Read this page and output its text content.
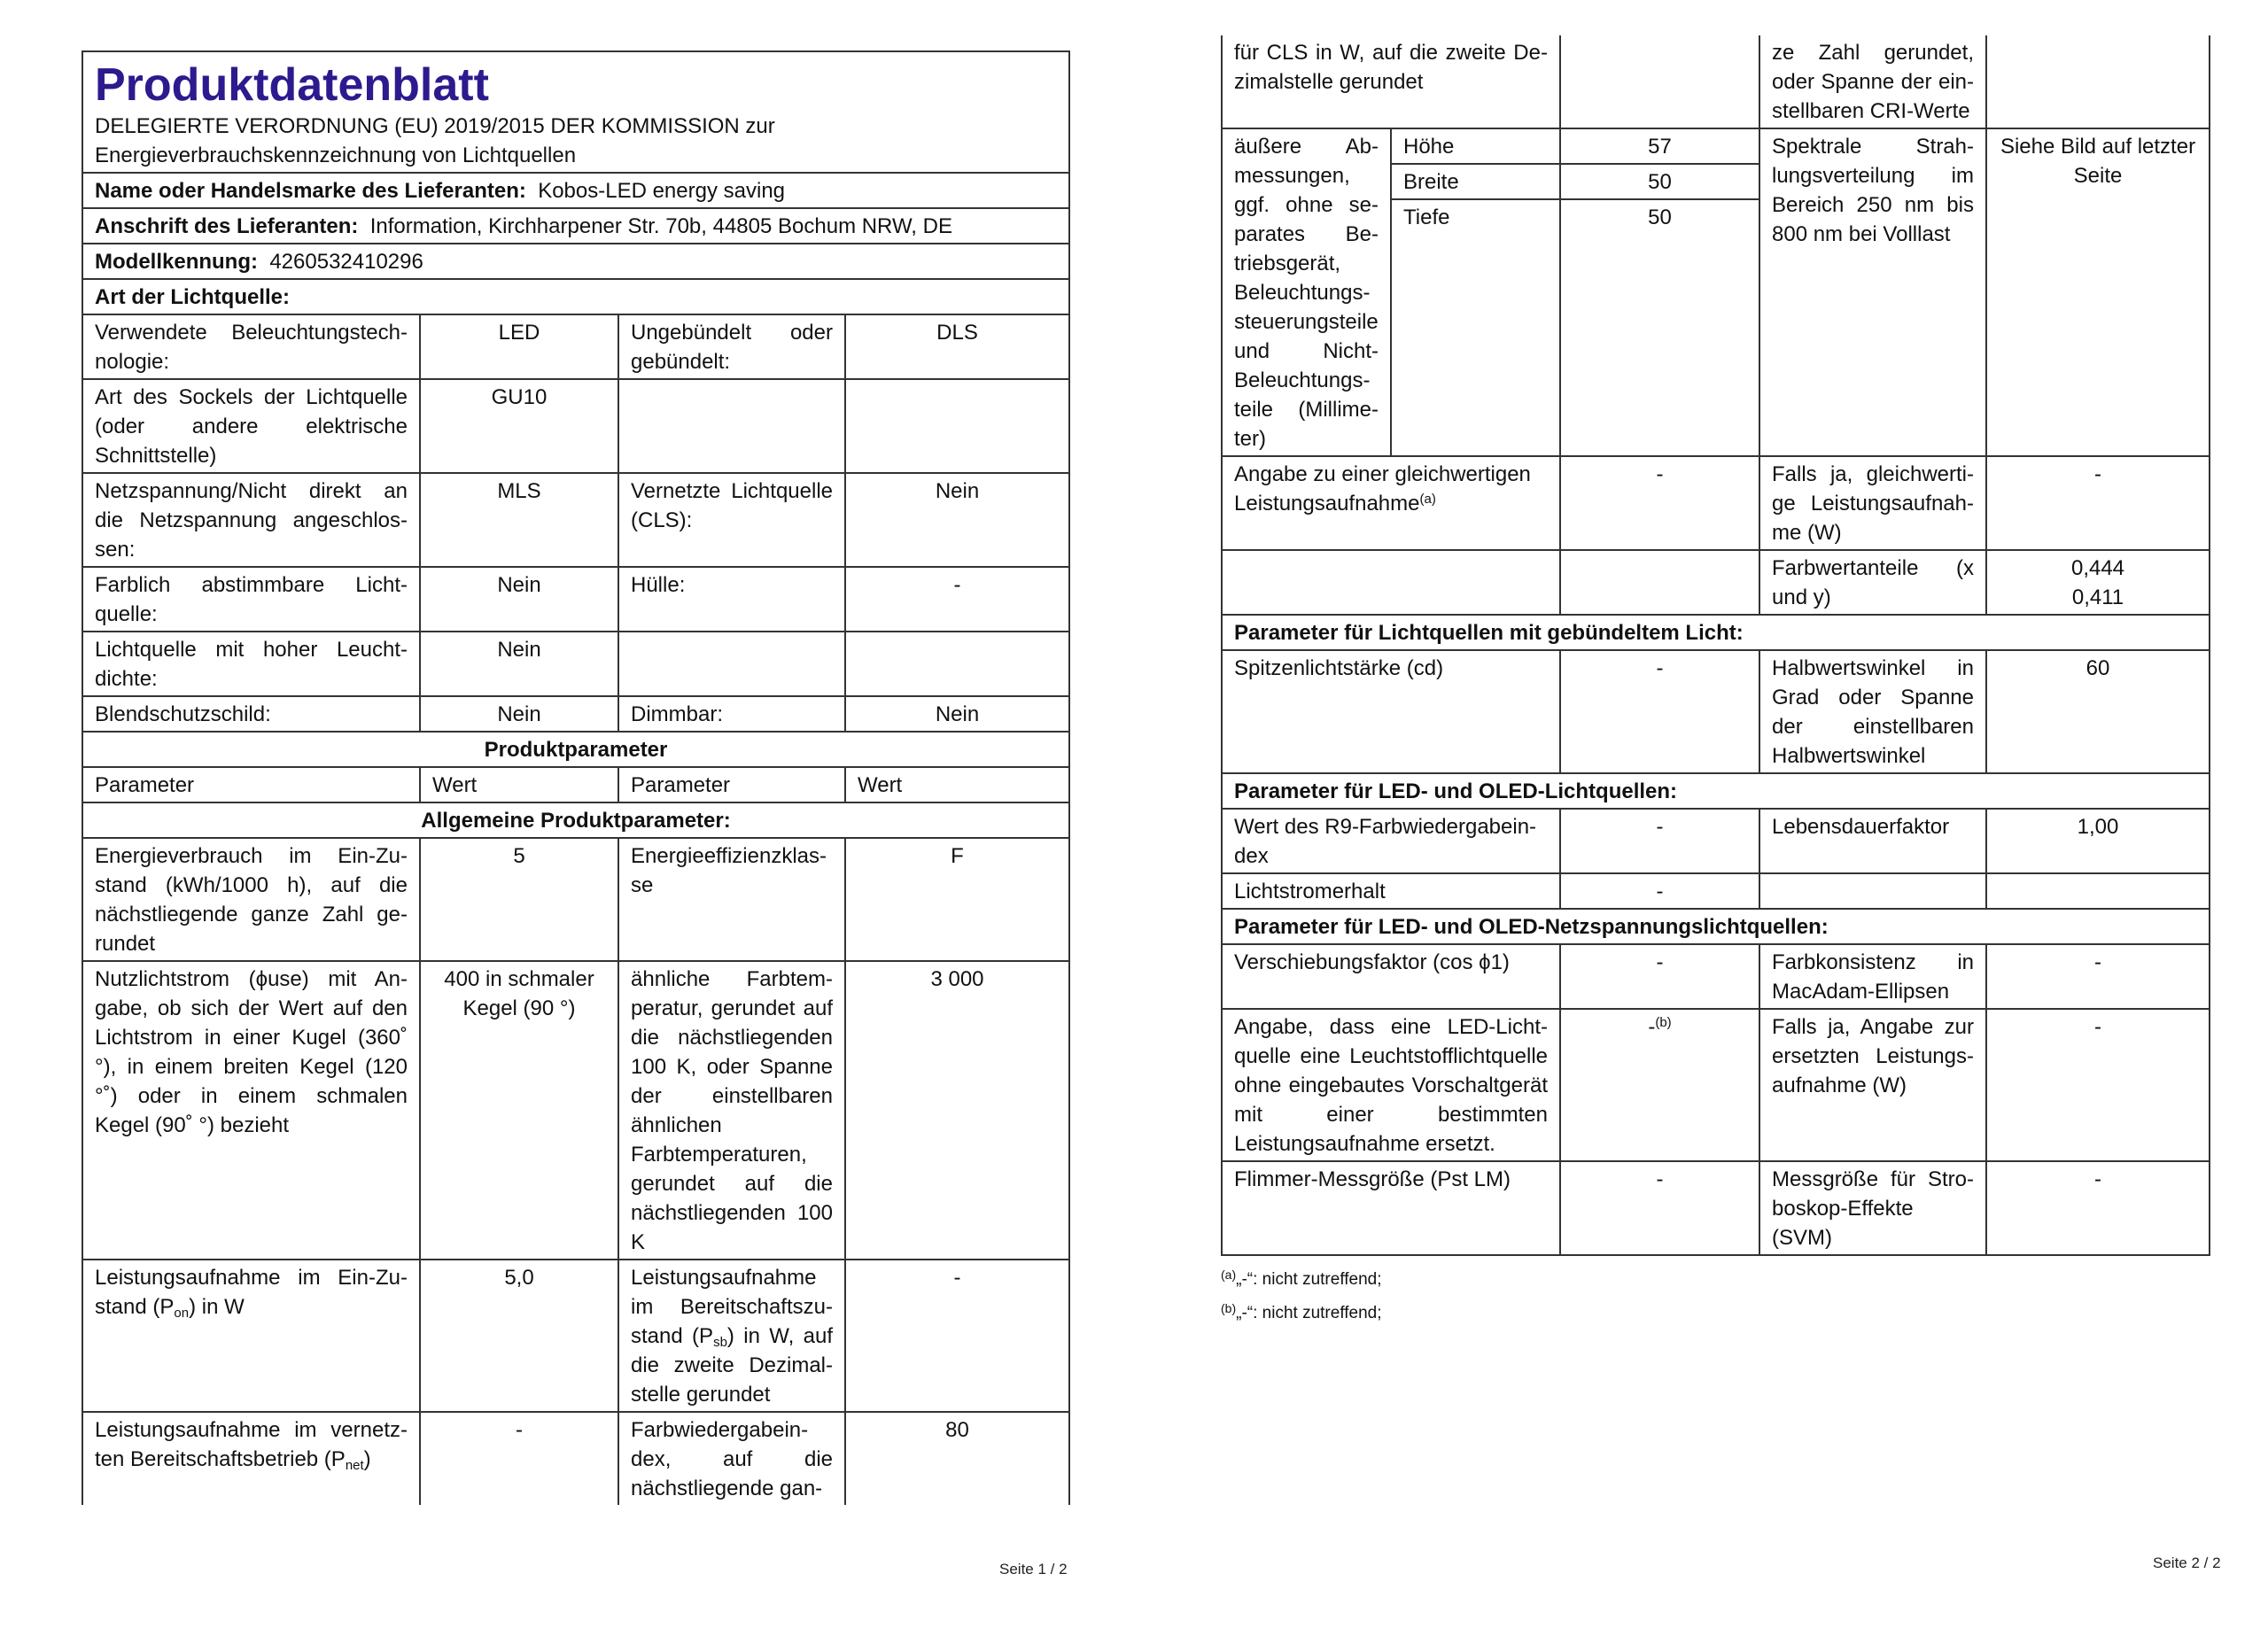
Produktdatenblatt
DELEGIERTE VERORDNUNG (EU) 2019/2015 DER KOMMISSION zur
Energieverbrauchskennzeichnung von Lichtquellen			

Name oder Handelsmarke des Lieferanten: Kobos-LED energy saving			
Anschrift des Lieferanten: Information, Kirchharpener Str. 70b, 44805 Bochum NRW, DE			
Modellkennung: 4260532410296			
Art der Lichtquelle:			
Verwendete Beleuchtungstechnologie:	LED	Ungebündelt oder gebündelt:	DLS
Art des Sockels der Lichtquelle (oder andere elektrische Schnittstelle)	GU10		
Netzspannung/Nicht direkt an die Netzspannung angeschlossen:	MLS	Vernetzte Lichtquelle (CLS):	Nein
Farblich abstimmbare Lichtquelle:	Nein	Hülle:	-
Lichtquelle mit hoher Leuchtdichte:	Nein		
Blendschutzschild:	Nein	Dimmbar:	Nein
Produktparameter			
Parameter	Wert	Parameter	Wert
Allgemeine Produktparameter:			
Energieverbrauch im Ein-Zustand (kWh/1000 h), auf die nächstliegende ganze Zahl gerundet	5	Energieeffizienzklasse	F
Nutzlichtstrom (ϕuse) mit Angabe, ob sich der Wert auf den Lichtstrom in einer Kugel (360˚ °), in einem breiten Kegel (120 °˚) oder in einem schmalen Kegel (90˚ °) bezieht	400 in schmaler Kegel (90 °)	ähnliche Farbtemperatur, gerundet auf die nächstliegenden 100 K, oder Spanne der einstellbaren ähnlichen Farbtemperaturen, gerundet auf die nächstliegenden 100 K	3 000
Leistungsaufnahme im Ein-Zustand $(P_{on})$ in W	5,0	Leistungsaufnahme im Bereitschaftszustand $(P_{sb})$ in W, auf die zweite Dezimalstelle gerundet	-
Leistungsaufnahme im vernetzten Bereitschaftsbetrieb $(P_{net})$	-	Farbwiedergabeindex, auf die nächstliegende gan-	80
Seite 1 / 2
für CLS in W, auf die zweite Dezimalstelle gerundet			ze Zahl gerundet, oder Spanne der einstellbaren CRI-Werte	
äußere Abmessungen, ggf. ohne separates Betriebsgerät, Beleuchtungssteuerungsteile und Nicht-Beleuchtungsteile (Millimeter)	Höhe	57	Spektrale Strahlungsverteilung im Bereich 250 nm bis 800 nm bei Volllast	Siehe Bild auf letzter Seite
	Breite	50		
	Tiefe	50		
Angabe zu einer gleichwertigen Leistungsaufnahme$^{(a)}$		-	Falls ja, gleichwertige Leistungsaufnahme (W)	-
			Farbwertanteile (x und y)	0,444
0,411

Parameter für Lichtquellen mit gebündeltem Licht:				
Spitzenlichtstärke (cd)		-	Halbwertswinkel in Grad oder Spanne der einstellbaren Halbwertswinkel	60
Parameter für LED- und OLED-Lichtquellen:				
Wert des R9-Farbwiedergabeindex		-	Lebensdauerfaktor	1,00
Lichtstromerhalt		-		
Parameter für LED- und OLED-Netzspannungslichtquellen:				
Verschiebungsfaktor (cos ϕ1)		-	Farbkonsistenz in MacAdam-Ellipsen	-
Angabe, dass eine LED-Lichtquelle eine Leuchtstofflichtquelle ohne eingebautes Vorschaltgerät mit einer bestimmten Leistungsaufnahme ersetzt.		-$^{(b)}$	Falls ja, Angabe zur ersetzten Leistungsaufnahme (W)	-
Flimmer-Messgröße (Pst LM)		-	Messgröße für Stroboskop-Effekte (SVM)	-
$^{(a)}$„-“: nicht zutreffend;
$^{(b)}$„-“: nicht zutreffend;
Seite 2 / 2
